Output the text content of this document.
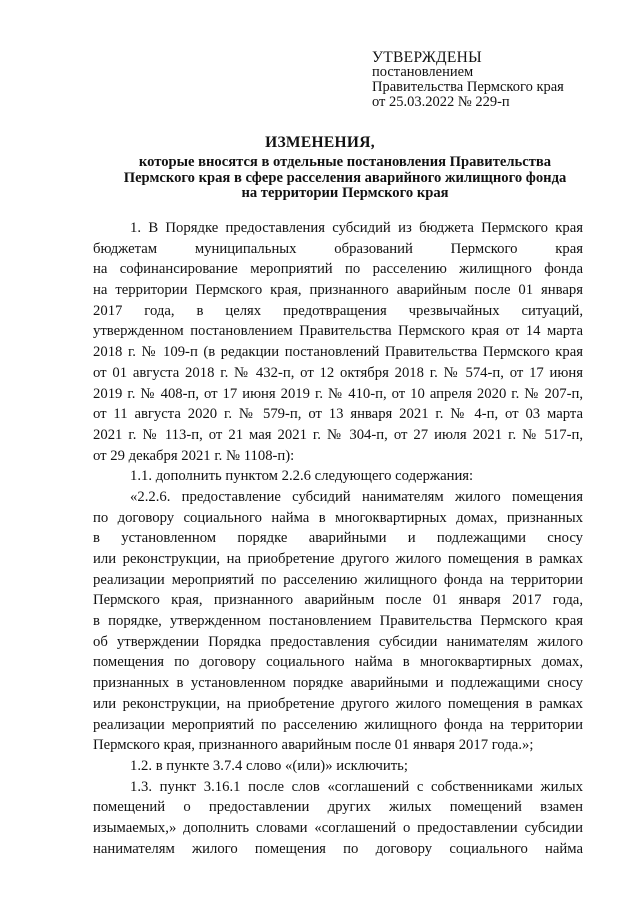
УТВЕРЖДЕНЫ
постановлением
Правительства Пермского края
от 25.03.2022 № 229-п
ИЗМЕНЕНИЯ,
которые вносятся в отдельные постановления Правительства
Пермского края в сфере расселения аварийного жилищного фонда
на территории Пермского края
1. В Порядке предоставления субсидий из бюджета Пермского края
бюджетам муниципальных образований Пермского края
на софинансирование мероприятий по расселению жилищного фонда
на территории Пермского края, признанного аварийным после 01 января
2017 года, в целях предотвращения чрезвычайных ситуаций,
утвержденном постановлением Правительства Пермского края от 14 марта
2018 г. № 109-п (в редакции постановлений Правительства Пермского края
от 01 августа 2018 г. № 432-п, от 12 октября 2018 г. № 574-п, от 17 июня
2019 г. № 408-п, от 17 июня 2019 г. № 410-п, от 10 апреля 2020 г. № 207-п,
от 11 августа 2020 г. № 579-п, от 13 января 2021 г. № 4-п, от 03 марта
2021 г. № 113-п, от 21 мая 2021 г. № 304-п, от 27 июля 2021 г. № 517-п,
от 29 декабря 2021 г. № 1108-п):
1.1. дополнить пунктом 2.2.6 следующего содержания:
«2.2.6. предоставление субсидий нанимателям жилого помещения
по договору социального найма в многоквартирных домах, признанных
в установленном порядке аварийными и подлежащими сносу
или реконструкции, на приобретение другого жилого помещения в рамках
реализации мероприятий по расселению жилищного фонда на территории
Пермского края, признанного аварийным после 01 января 2017 года,
в порядке, утвержденном постановлением Правительства Пермского края
об утверждении Порядка предоставления субсидии нанимателям жилого
помещения по договору социального найма в многоквартирных домах,
признанных в установленном порядке аварийными и подлежащими сносу
или реконструкции, на приобретение другого жилого помещения в рамках
реализации мероприятий по расселению жилищного фонда на территории
Пермского края, признанного аварийным после 01 января 2017 года.»;
1.2. в пункте 3.7.4 слово «(или)» исключить;
1.3. пункт 3.16.1 после слов «соглашений с собственниками жилых
помещений о предоставлении других жилых помещений взамен
изымаемых,» дополнить словами «соглашений о предоставлении субсидии
нанимателям жилого помещения по договору социального найма
